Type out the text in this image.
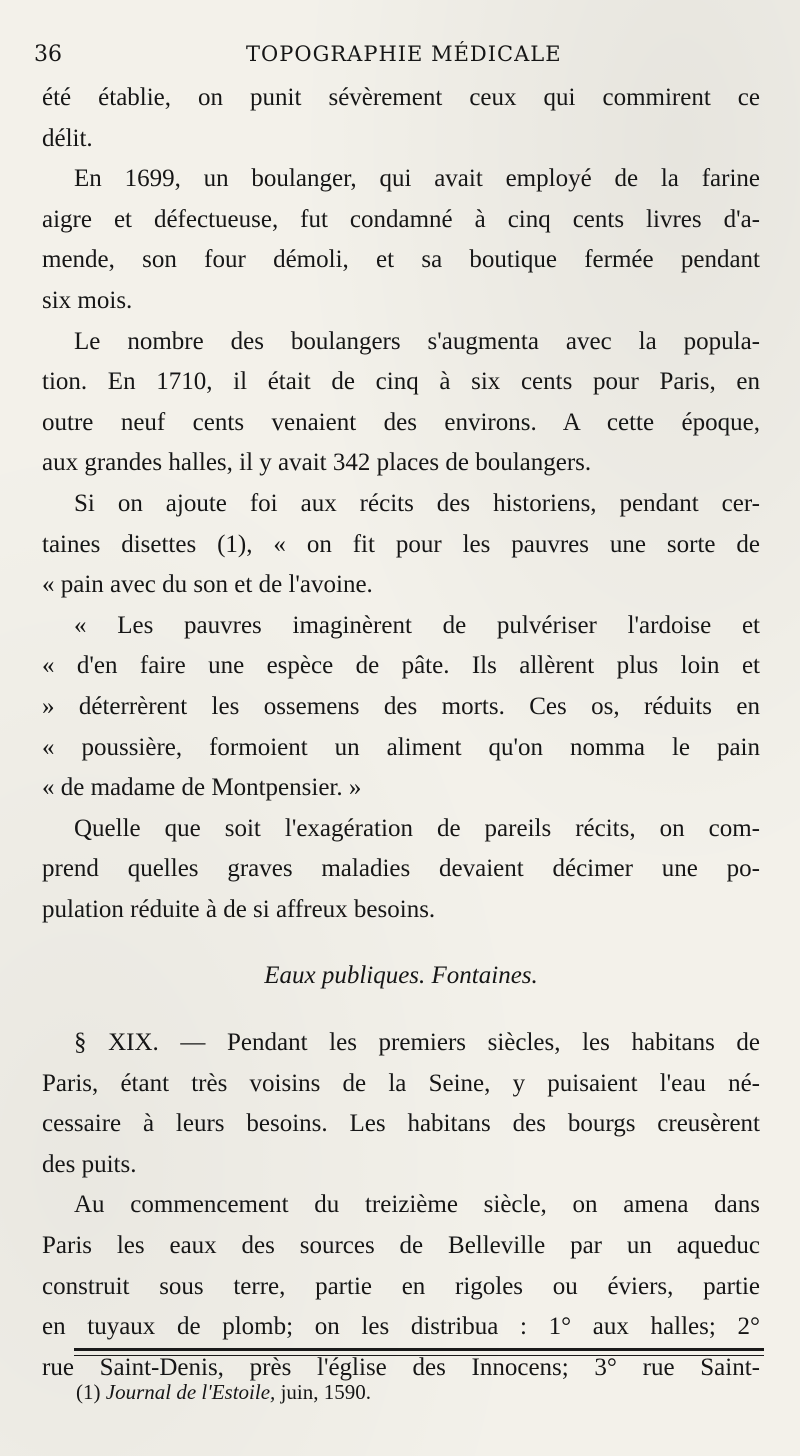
36	TOPOGRAPHIE MÉDICALE
été établie, on punit sévèrement ceux qui commirent ce
délit.
En 1699, un boulanger, qui avait employé de la farine
aigre et défectueuse, fut condamné à cinq cents livres d'a-
mende, son four démoli, et sa boutique fermée pendant
six mois.
Le nombre des boulangers s'augmenta avec la popula-
tion. En 1710, il était de cinq à six cents pour Paris, en
outre neuf cents venaient des environs. A cette époque,
aux grandes halles, il y avait 342 places de boulangers.
Si on ajoute foi aux récits des historiens, pendant cer-
taines disettes (1), « on fit pour les pauvres une sorte de
« pain avec du son et de l'avoine.
« Les pauvres imaginèrent de pulvériser l'ardoise et
« d'en faire une espèce de pâte. Ils allèrent plus loin et
» déterrèrent les ossemens des morts. Ces os, réduits en
« poussière, formoient un aliment qu'on nomma le pain
« de madame de Montpensier. »
Quelle que soit l'exagération de pareils récits, on com-
prend quelles graves maladies devaient décimer une po-
pulation réduite à de si affreux besoins.
Eaux publiques. Fontaines.
§ XIX. — Pendant les premiers siècles, les habitans de
Paris, étant très voisins de la Seine, y puisaient l'eau né-
cessaire à leurs besoins. Les habitans des bourgs creusèrent
des puits.
Au commencement du treizième siècle, on amena dans
Paris les eaux des sources de Belleville par un aqueduc
construit sous terre, partie en rigoles ou éviers, partie
en tuyaux de plomb; on les distribua : 1° aux halles; 2°
rue Saint-Denis, près l'église des Innocens; 3° rue Saint-
(1) Journal de l'Estoile, juin, 1590.
